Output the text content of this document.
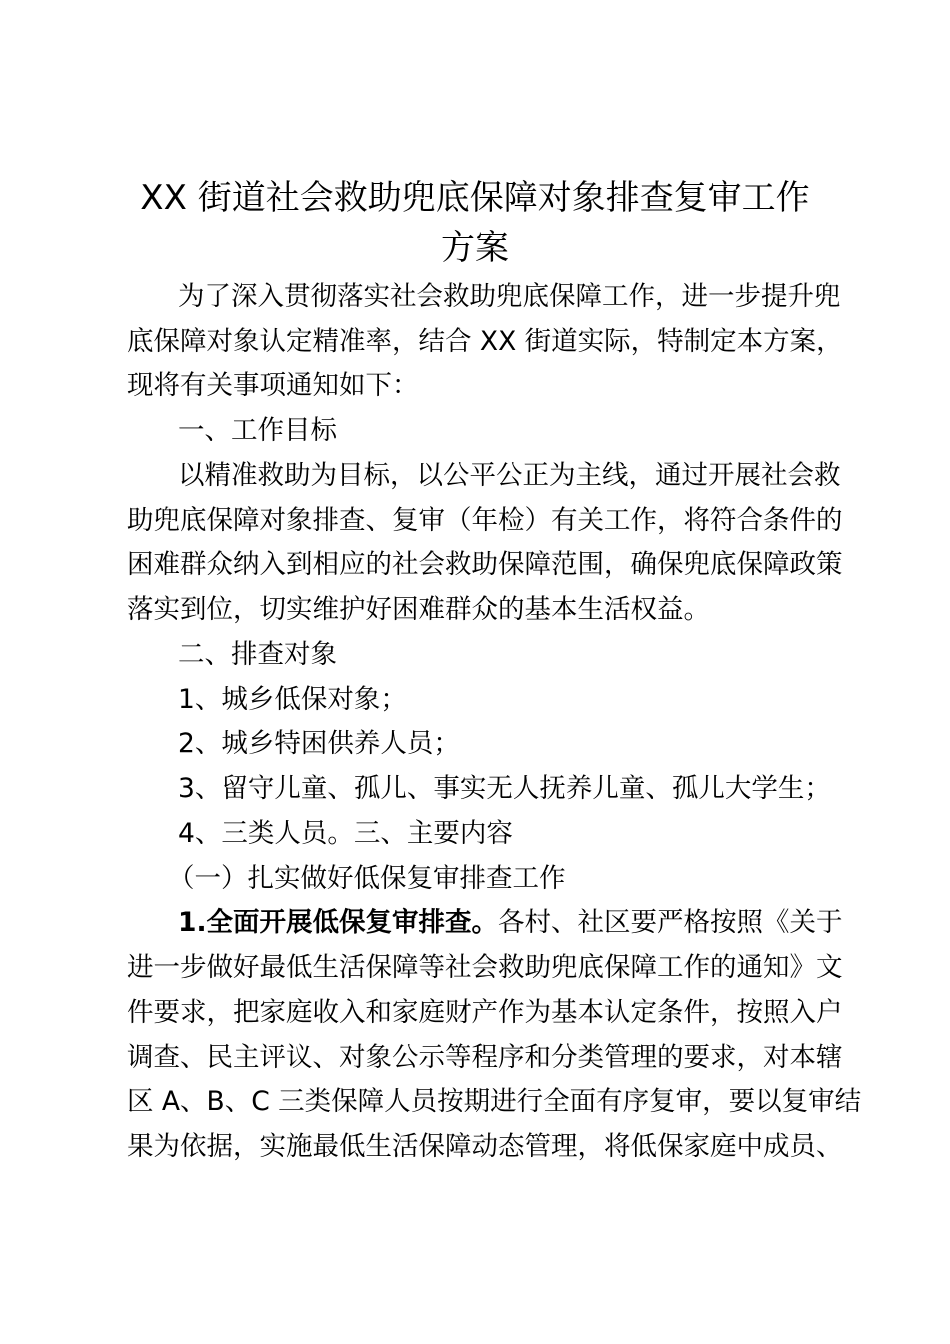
XX 街道社会救助兜底保障对象排查复审工作
方案
为了深入贯彻落实社会救助兜底保障工作，进一步提升兜
底保障对象认定精准率，结合 XX 街道实际，特制定本方案，
现将有关事项通知如下：
一、工作目标
以精准救助为目标，以公平公正为主线，通过开展社会救
助兜底保障对象排查、复审（年检）有关工作，将符合条件的
困难群众纳入到相应的社会救助保障范围，确保兜底保障政策
落实到位，切实维护好困难群众的基本生活权益。
二、排查对象
1、城乡低保对象；
2、城乡特困供养人员；
3、留守儿童、孤儿、事实无人抚养儿童、孤儿大学生；
4、三类人员。三、主要内容
（一）扎实做好低保复审排查工作
1.全面开展低保复审排查。各村、社区要严格按照《关于
进一步做好最低生活保障等社会救助兜底保障工作的通知》文
件要求，把家庭收入和家庭财产作为基本认定条件，按照入户
调查、民主评议、对象公示等程序和分类管理的要求，对本辖
区 A、B、C 三类保障人员按期进行全面有序复审，要以复审结
果为依据，实施最低生活保障动态管理，将低保家庭中成员、
